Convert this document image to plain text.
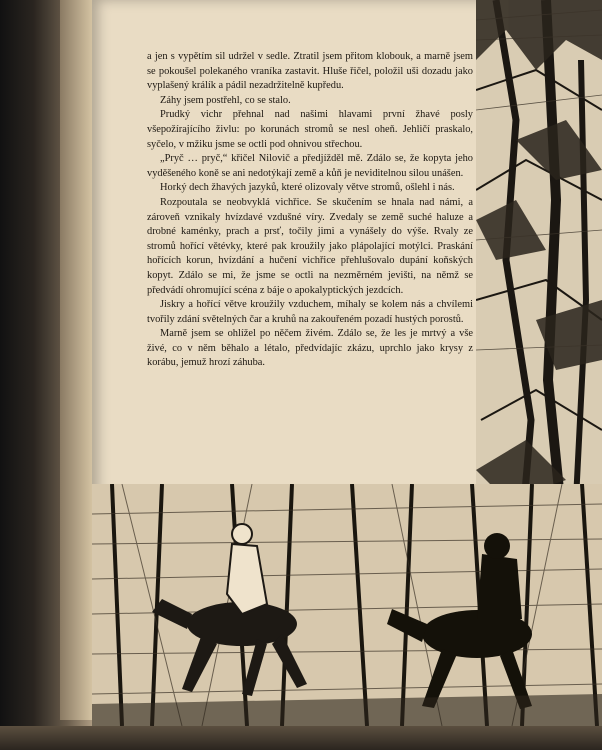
a jen s vypětím sil udržel v sedle. Ztratil jsem přitom klobouk, a marně jsem se pokoušel polekaného vraníka zastavit. Hluše řičel, položil uši dozadu jako vyplašený králík a pádil nezadržitelně kupředu.

Záhy jsem postřehl, co se stalo.

Prudký vichr přehnal nad našimi hlavami první žhavé posly všepožírajícího živlu: po korunách stromů se nesl oheň. Jehličí praskalo, syčelo, v mžiku jsme se octli pod ohnivou střechou.

„Pryč … pryč,“ křičel Nilovič a předjížděl mě. Zdálo se, že kopyta jeho vyděšeného koně se ani nedotýkají země a kůň je neviditelnou silou unášen.

Horký dech žhavých jazyků, které olizovaly větve stromů, ošlehl i nás.

Rozpoutala se neobvyklá vichřice. Se skučením se hnala nad námi, a zároveň vznikaly hvízdavé vzdušné víry. Zvedaly se země suché haluze a drobné kaménky, prach a prsť, točily jimi a vynášely do výše. Rvaly ze stromů hořící větévky, které pak kroužily jako plápolající motýlci. Praskání hořících korun, hvízdání a hučení vichřice přehlušovalo dupání koňských kopyt. Zdálo se mi, že jsme se octli na nezměrném jevišti, na němž se předvádí ohromující scéna z báje o apokalyptických jezdcích.

Jiskry a hořící větve kroužily vzduchem, míhaly se kolem nás a chvílemi tvořily zdání světelných čar a kruhů na zakouřeném pozadí hustých porostů.

Marně jsem se ohlížel po něčem živém. Zdálo se, že les je mrtvý a vše živé, co v něm běhalo a létalo, předvídajíc zkázu, uprchlo jako krysy z korábu, jemuž hrozí záhuba.
